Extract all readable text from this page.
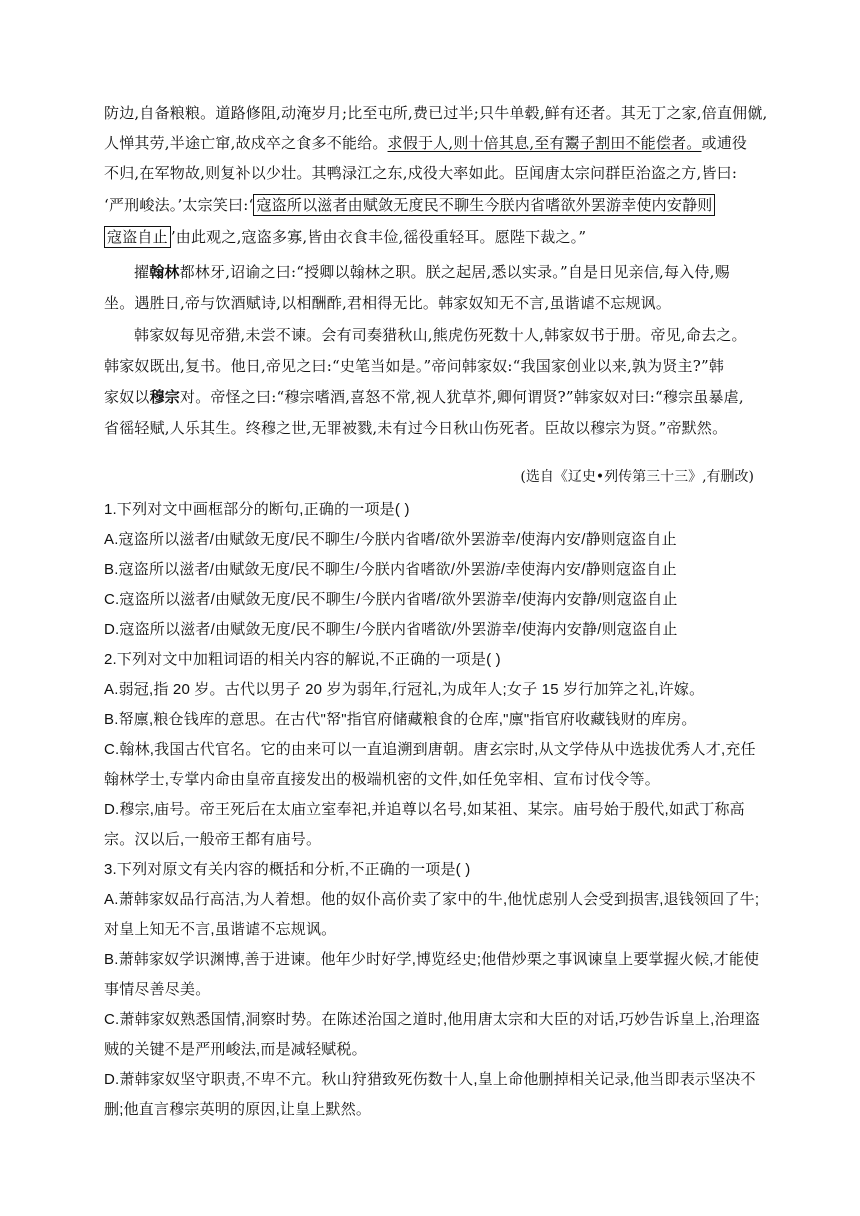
防边,自备粮粮。道路修阻,动淹岁月;比至屯所,费已过半;只牛单毂,鲜有还者。其无丁之家,倍直佣僦,
人惮其劳,半途亡窜,故戍卒之食多不能给。求假于人,则十倍其息,至有鬻子割田不能偿者。或逋役
不归,在军物故,则复补以少壮。其鸭渌江之东,戍役大率如此。臣闻唐太宗问群臣治盗之方,皆曰:
‘严刑峻法。’太宗笑曰:‘ 寇盗所以滋者由赋敛无度民不聊生今朕内省嗜欲外罢游幸使内安静则
寇盗自止 ’由此观之,寇盗多寡,皆由衣食丰俭,徭役重轻耳。愿陛下裁之。”
擢翰林都林牙,诏谕之曰:“授卿以翰林之职。朕之起居,悉以实录。”自是日见亲信,每入侍,赐
坐。遇胜日,帝与饮酒赋诗,以相酬酢,君相得无比。韩家奴知无不言,虽谐谑不忘规讽。
韩家奴每见帝猎,未尝不谏。会有司奏猎秋山,熊虎伤死数十人,韩家奴书于册。帝见,命去之。
韩家奴既出,复书。他日,帝见之曰:“史笔当如是。”帝问韩家奴:“我国家创业以来,孰为贤主?”韩
家奴以穆宗对。帝怪之曰:“穆宗嗜酒,喜怒不常,视人犹草芥,卿何谓贤?”韩家奴对曰:“穆宗虽暴虐,
省徭轻赋,人乐其生。终穆之世,无罪被戮,未有过今日秋山伤死者。臣故以穆宗为贤。”帝默然。
(选自《辽史•列传第三十三》,有删改)
1.下列对文中画框部分的断句,正确的一项是( )
A.寇盗所以滋者/由赋敛无度/民不聊生/今朕内省嗜/欲外罢游幸/使海内安/静则寇盗自止
B.寇盗所以滋者/由赋敛无度/民不聊生/今朕内省嗜欲/外罢游/幸使海内安/静则寇盗自止
C.寇盗所以滋者/由赋敛无度/民不聊生/今朕内省嗜/欲外罢游幸/使海内安静/则寇盗自止
D.寇盗所以滋者/由赋敛无度/民不聊生/今朕内省嗜欲/外罢游幸/使海内安静/则寇盗自止
2.下列对文中加粗词语的相关内容的解说,不正确的一项是( )
A.弱冠,指 20 岁。古代以男子 20 岁为弱年,行冠礼,为成年人;女子 15 岁行加笄之礼,许嫁。
B.帑廪,粮仓钱库的意思。在古代"帑"指官府储藏粮食的仓库,"廪"指官府收藏钱财的库房。
C.翰林,我国古代官名。它的由来可以一直追溯到唐朝。唐玄宗时,从文学侍从中选拔优秀人才,充任
翰林学士,专掌内命由皇帝直接发出的极端机密的文件,如任免宰相、宣布讨伐令等。
D.穆宗,庙号。帝王死后在太庙立室奉祀,并追尊以名号,如某祖、某宗。庙号始于殷代,如武丁称高
宗。汉以后,一般帝王都有庙号。
3.下列对原文有关内容的概括和分析,不正确的一项是( )
A.萧韩家奴品行高洁,为人着想。他的奴仆高价卖了家中的牛,他忧虑别人会受到损害,退钱领回了牛;
对皇上知无不言,虽谐谑不忘规讽。
B.萧韩家奴学识渊博,善于进谏。他年少时好学,博览经史;他借炒栗之事讽谏皇上要掌握火候,才能使
事情尽善尽美。
C.萧韩家奴熟悉国情,洞察时势。在陈述治国之道时,他用唐太宗和大臣的对话,巧妙告诉皇上,治理盗
贼的关键不是严刑峻法,而是减轻赋税。
D.萧韩家奴坚守职责,不卑不亢。秋山狩猎致死伤数十人,皇上命他删掉相关记录,他当即表示坚决不
删;他直言穆宗英明的原因,让皇上默然。
